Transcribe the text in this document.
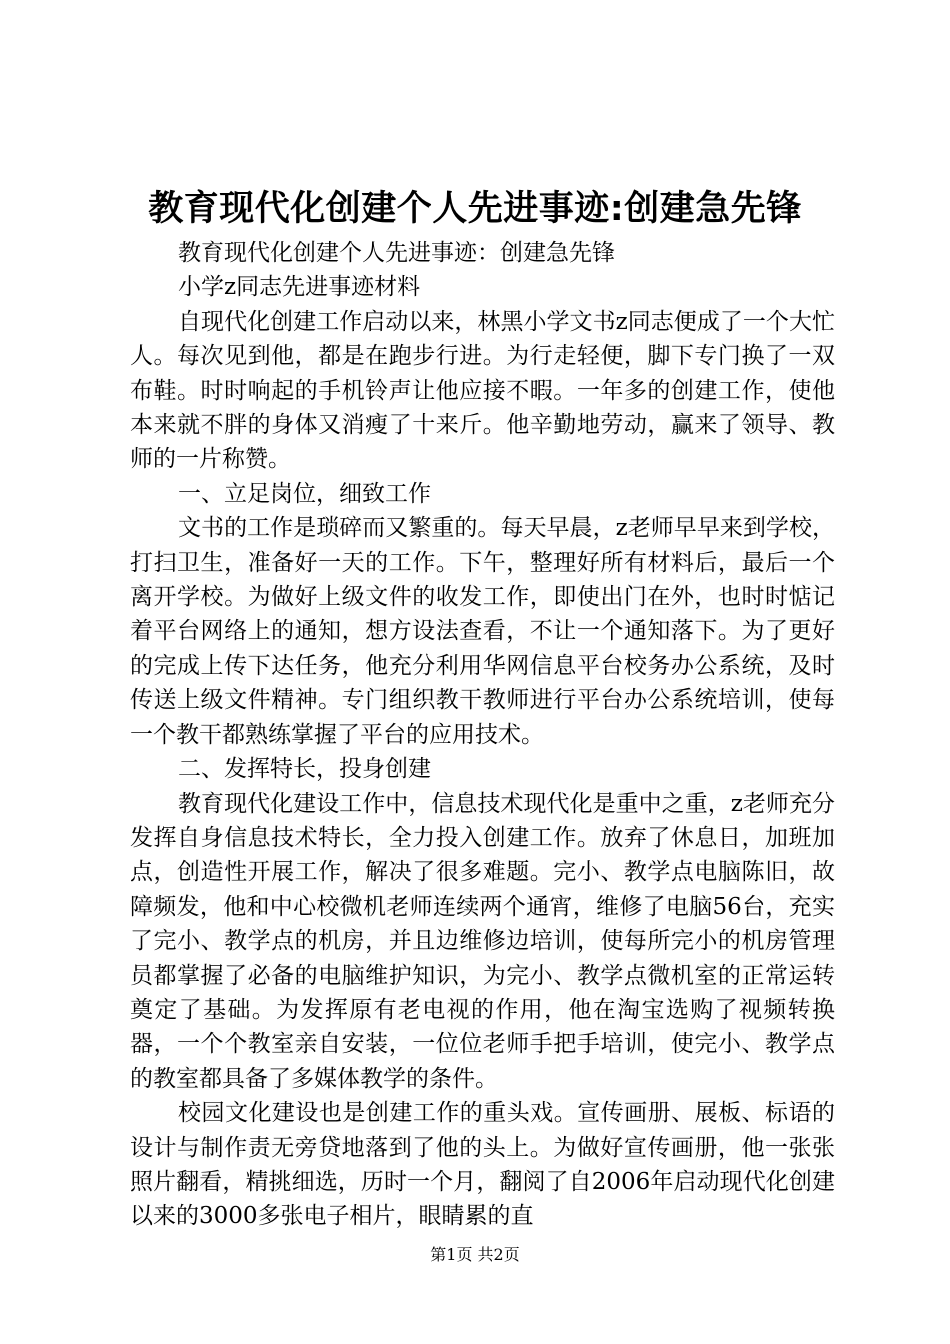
教育现代化创建个人先进事迹:创建急先锋

教育现代化创建个人先进事迹：创建急先锋

小学z同志先进事迹材料

自现代化创建工作启动以来，林黑小学文书z同志便成了一个大忙人。每次见到他，都是在跑步行进。为行走轻便，脚下专门换了一双布鞋。时时响起的手机铃声让他应接不暇。一年多的创建工作，使他本来就不胖的身体又消瘦了十来斤。他辛勤地劳动，赢来了领导、教师的一片称赞。

一、立足岗位，细致工作

文书的工作是琐碎而又繁重的。每天早晨，z老师早早来到学校，打扫卫生，准备好一天的工作。下午，整理好所有材料后，最后一个离开学校。为做好上级文件的收发工作，即使出门在外，也时时惦记着平台网络上的通知，想方设法查看，不让一个通知落下。为了更好的完成上传下达任务，他充分利用华网信息平台校务办公系统，及时传送上级文件精神。专门组织教干教师进行平台办公系统培训，使每一个教干都熟练掌握了平台的应用技术。

二、发挥特长，投身创建

教育现代化建设工作中，信息技术现代化是重中之重，z老师充分发挥自身信息技术特长，全力投入创建工作。放弃了休息日，加班加点，创造性开展工作，解决了很多难题。完小、教学点电脑陈旧，故障频发，他和中心校微机老师连续两个通宵，维修了电脑56台，充实了完小、教学点的机房，并且边维修边培训，使每所完小的机房管理员都掌握了必备的电脑维护知识，为完小、教学点微机室的正常运转奠定了基础。为发挥原有老电视的作用，他在淘宝选购了视频转换器，一个个教室亲自安装，一位位老师手把手培训，使完小、教学点的教室都具备了多媒体教学的条件。

校园文化建设也是创建工作的重头戏。宣传画册、展板、标语的设计与制作责无旁贷地落到了他的头上。为做好宣传画册，他一张张照片翻看，精挑细选，历时一个月，翻阅了自2006年启动现代化创建以来的3000多张电子相片，眼睛累的直

第1页 共2页
